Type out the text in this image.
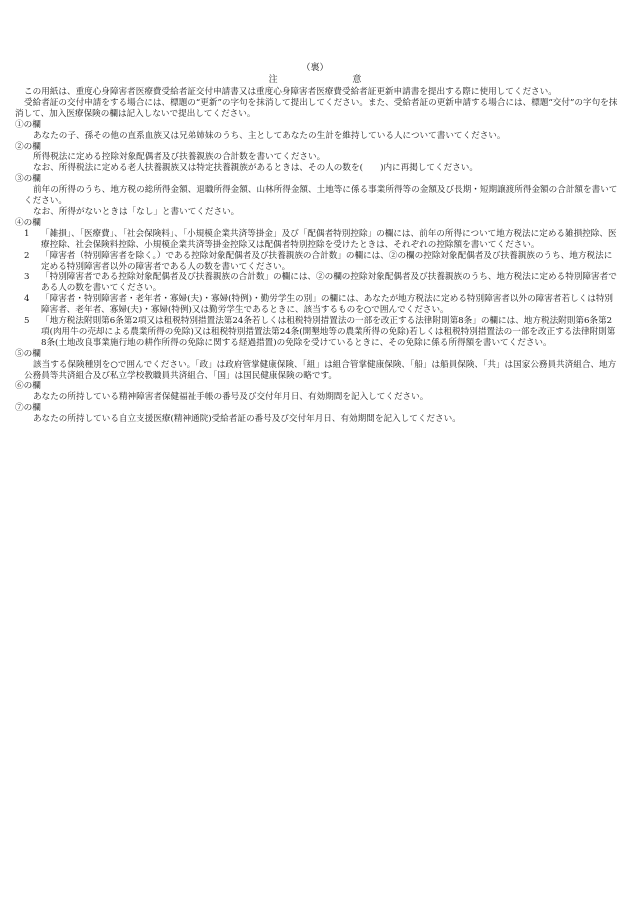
（裏）
注 意

この用紙は、重度心身障害者医療費受給者証交付申請書又は重度心身障害者医療費受給者証更新申請書を提出する際に使用してください。

受給者証の交付申請をする場合には、標題の“更新”の字句を抹消して提出してください。また、受給者証の更新申請する場合には、標題“交付”の字句を抹消して、加入医療保険の欄は記入しないで提出してください。

①の欄

あなたの子、孫その他の直系血族又は兄弟姉妹のうち、主としてあなたの生計を維持している人について書いてください。

②の欄

所得税法に定める控除対象配偶者及び扶養親族の合計数を書いてください。

なお、所得税法に定める老人扶養親族又は特定扶養親族があるときは、その人の数を(　　)内に再掲してください。

③の欄

前年の所得のうち、地方税の総所得金額、退職所得金額、山林所得金額、土地等に係る事業所得等の金額及び長期・短期譲渡所得金額の合計額を書いてください。

なお、所得がないときは「なし」と書いてください。

④の欄

1 「雑損」、「医療費」、「社会保険料」、「小規模企業共済等掛金」及び「配偶者特別控除」の欄には、前年の所得について地方税法に定める雑損控除、医療控除、社会保険料控除、小規模企業共済等掛金控除又は配偶者特別控除を受けたときは、それぞれの控除額を書いてください。
2 「障害者（特別障害者を除く。）である控除対象配偶者及び扶養親族の合計数」の欄には、②の欄の控除対象配偶者及び扶養親族のうち、地方税法に定める特別障害者以外の障害者である人の数を書いてください。
3 「特別障害者である控除対象配偶者及び扶養親族の合計数」の欄には、②の欄の控除対象配偶者及び扶養親族のうち、地方税法に定める特別障害者である人の数を書いてください。
4 「障害者・特別障害者・老年者・寡婦(夫)・寡婦(特例)・勤労学生の別」の欄には、あなたが地方税法に定める特別障害者以外の障害者若しくは特別障害者、老年者、寡婦(夫)・寡婦(特例)又は勤労学生であるときに、該当するものを○で囲んでください。
5 「地方税法附則第6条第2項又は租税特別措置法第24条若しくは租税特別措置法の一部を改正する法律附則第8条」の欄には、地方税法附則第6条第2項(肉用牛の売却による農業所得の免除)又は租税特別措置法第24条(開墾地等の農業所得の免除)若しくは租税特別措置法の一部を改正する法律附則第8条(土地改良事業施行地の耕作所得の免除に関する経過措置)の免除を受けているときに、その免除に係る所得額を書いてください。

⑤の欄

該当する保険種別を○で囲んでください。「政」は政府管掌健康保険、「組」は組合管掌健康保険、「船」は船員保険、「共」は国家公務員共済組合、地方公務員等共済組合及び私立学校教職員共済組合、「国」は国民健康保険の略です。

⑥の欄

あなたの所持している精神障害者保健福祉手帳の番号及び交付年月日、有効期間を記入してください。

⑦の欄

あなたの所持している自立支援医療(精神通院)受給者証の番号及び交付年月日、有効期間を記入してください。
